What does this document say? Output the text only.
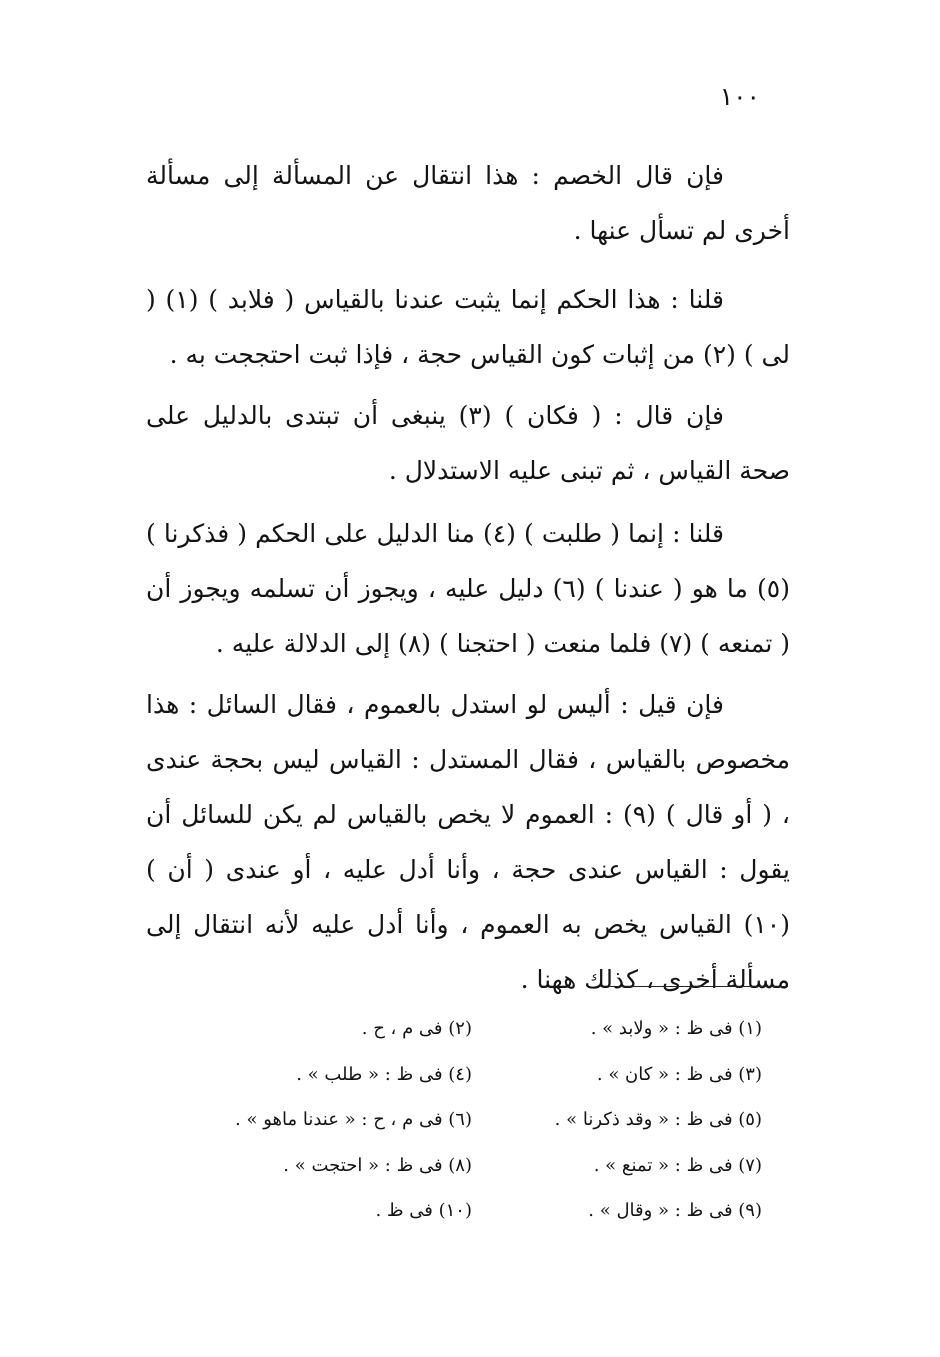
١٠٠

فإن قال الخصم : هذا انتقال عن المسألة إلى مسألة أخرى لم تسأل عنها .

قلنا : هذا الحكم إنما يثبت عندنا بالقياس ( فلابد ) (١) ( لى ) (٢) من إثبات كون القياس حجة ، فإذا ثبت احتججت به .

فإن قال : ( فكان ) (٣) ينبغى أن تبتدى بالدليل على صحة القياس ، ثم تبنى عليه الاستدلال .

قلنا : إنما ( طلبت ) (٤) منا الدليل على الحكم ( فذكرنا ) (٥) ما هو ( عندنا ) (٦) دليل عليه ، ويجوز أن تسلمه ويجوز أن ( تمنعه ) (٧) فلما منعت ( احتجنا ) (٨) إلى الدلالة عليه .

فإن قيل : أليس لو استدل بالعموم ، فقال السائل : هذا مخصوص بالقياس ، فقال المستدل : القياس ليس بحجة عندى ، ( أو قال ) (٩) : العموم لا يخص بالقياس لم يكن للسائل أن يقول : القياس عندى حجة ، وأنا أدل عليه ، أو عندى ( أن ) (١٠) القياس يخص به العموم ، وأنا أدل عليه لأنه انتقال إلى مسألة أخرى ، كذلك ههنا .

(١) فى ظ : « ولابد » .
(٢) فى م ، ح .
(٣) فى ظ : « كان » .
(٤) فى ظ : « طلب » .
(٥) فى ظ : « وقد ذكرنا » .
(٦) فى م ، ح : « عندنا ماهو » .
(٧) فى ظ : « تمنع » .
(٨) فى ظ : « احتجت » .
(٩) فى ظ : « وقال » .
(١٠) فى ظ .
